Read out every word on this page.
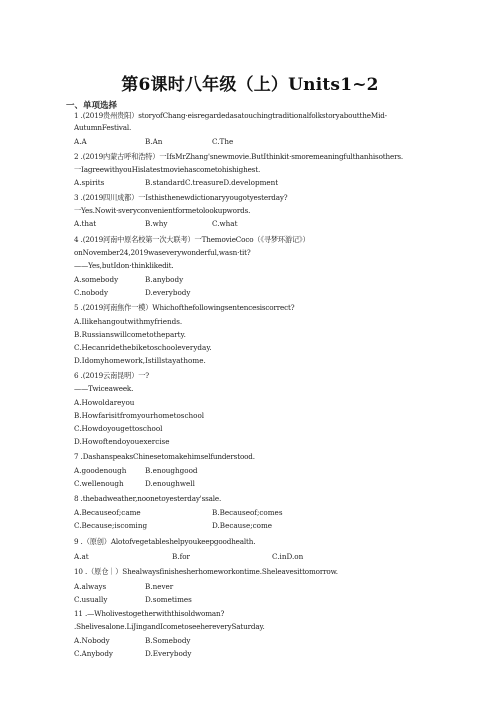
第6课时八年级（上）Units1~2
一、单项选择
1 .(2019贵州贵阳）storyofChang·eisregardedasatouchingtraditionalfolkstoryabouttheMid-
AutumnFestival.
A.A	B.An	C.The
2 .(2019内蒙古呼和浩特）一IfsMrZhang'snewmovie.ButIthinkit·smoremeaningfulthanhisothers.
一IagreewithyouHislatestmoviehascometohishighest.
A.spirits	B.standardC.treasureD.development
3 .(2019四川成都）一Isthisthenewdictionaryyougotyesterday?
一Yes.Nowit·sveryconvenientformetolookupwords.
A.that	B.why	C.what
4 .(2019河南中原名校第一次大联考）一ThemovieCoco（《寻梦环游记》）
onNovember24,2019waseverywonderful,wasn·tit?
——Yes,butIdon·thinklikedit.
A.somebody	B.anybody
C.nobody	D.everybody
5 .(2019河南焦作一模）Whichofthefollowingsentencesiscorrect?
A.Ilikehangoutwithmyfriends.
B.Russianswillcometotheparty.
C.Hecanridethebiketoschooleveryday.
D.Idomyhomework,Istillstayathome.
6 .(2019云南昆明）一?
——Twiceaweek.
A.Howoldareyou
B.Howfarisitfromyourhometoschool
C.Howdoyougettoschool
D.Howoftendoyouexercise
7 .DashanspeaksChinesetomakehimselfunderstood.
A.goodenough	B.enoughgood
C.wellenough	D.enoughwell
8 .thebadweather,noonetoyesterday'ssale.
A.Becauseof;came	B.Becauseof;comes
C.Because;iscoming	D.Because;come
9 .（原创）Alotofvegetableshelpyoukeepgoodhealth.
A.at	B.for	C.inD.on
10 .（原仓｜）Shealwaysfinishesherhomeworkontime.Sheleavesittomorrow.
A.always	B.never
C.usually	D.sometimes
11 .—Wholivestogetherwiththisoldwoman?
.Shelivesalone.LiJingandIcometoseehereverySaturday.
A.Nobody	B.Somebody
C.Anybody	D.Everybody
